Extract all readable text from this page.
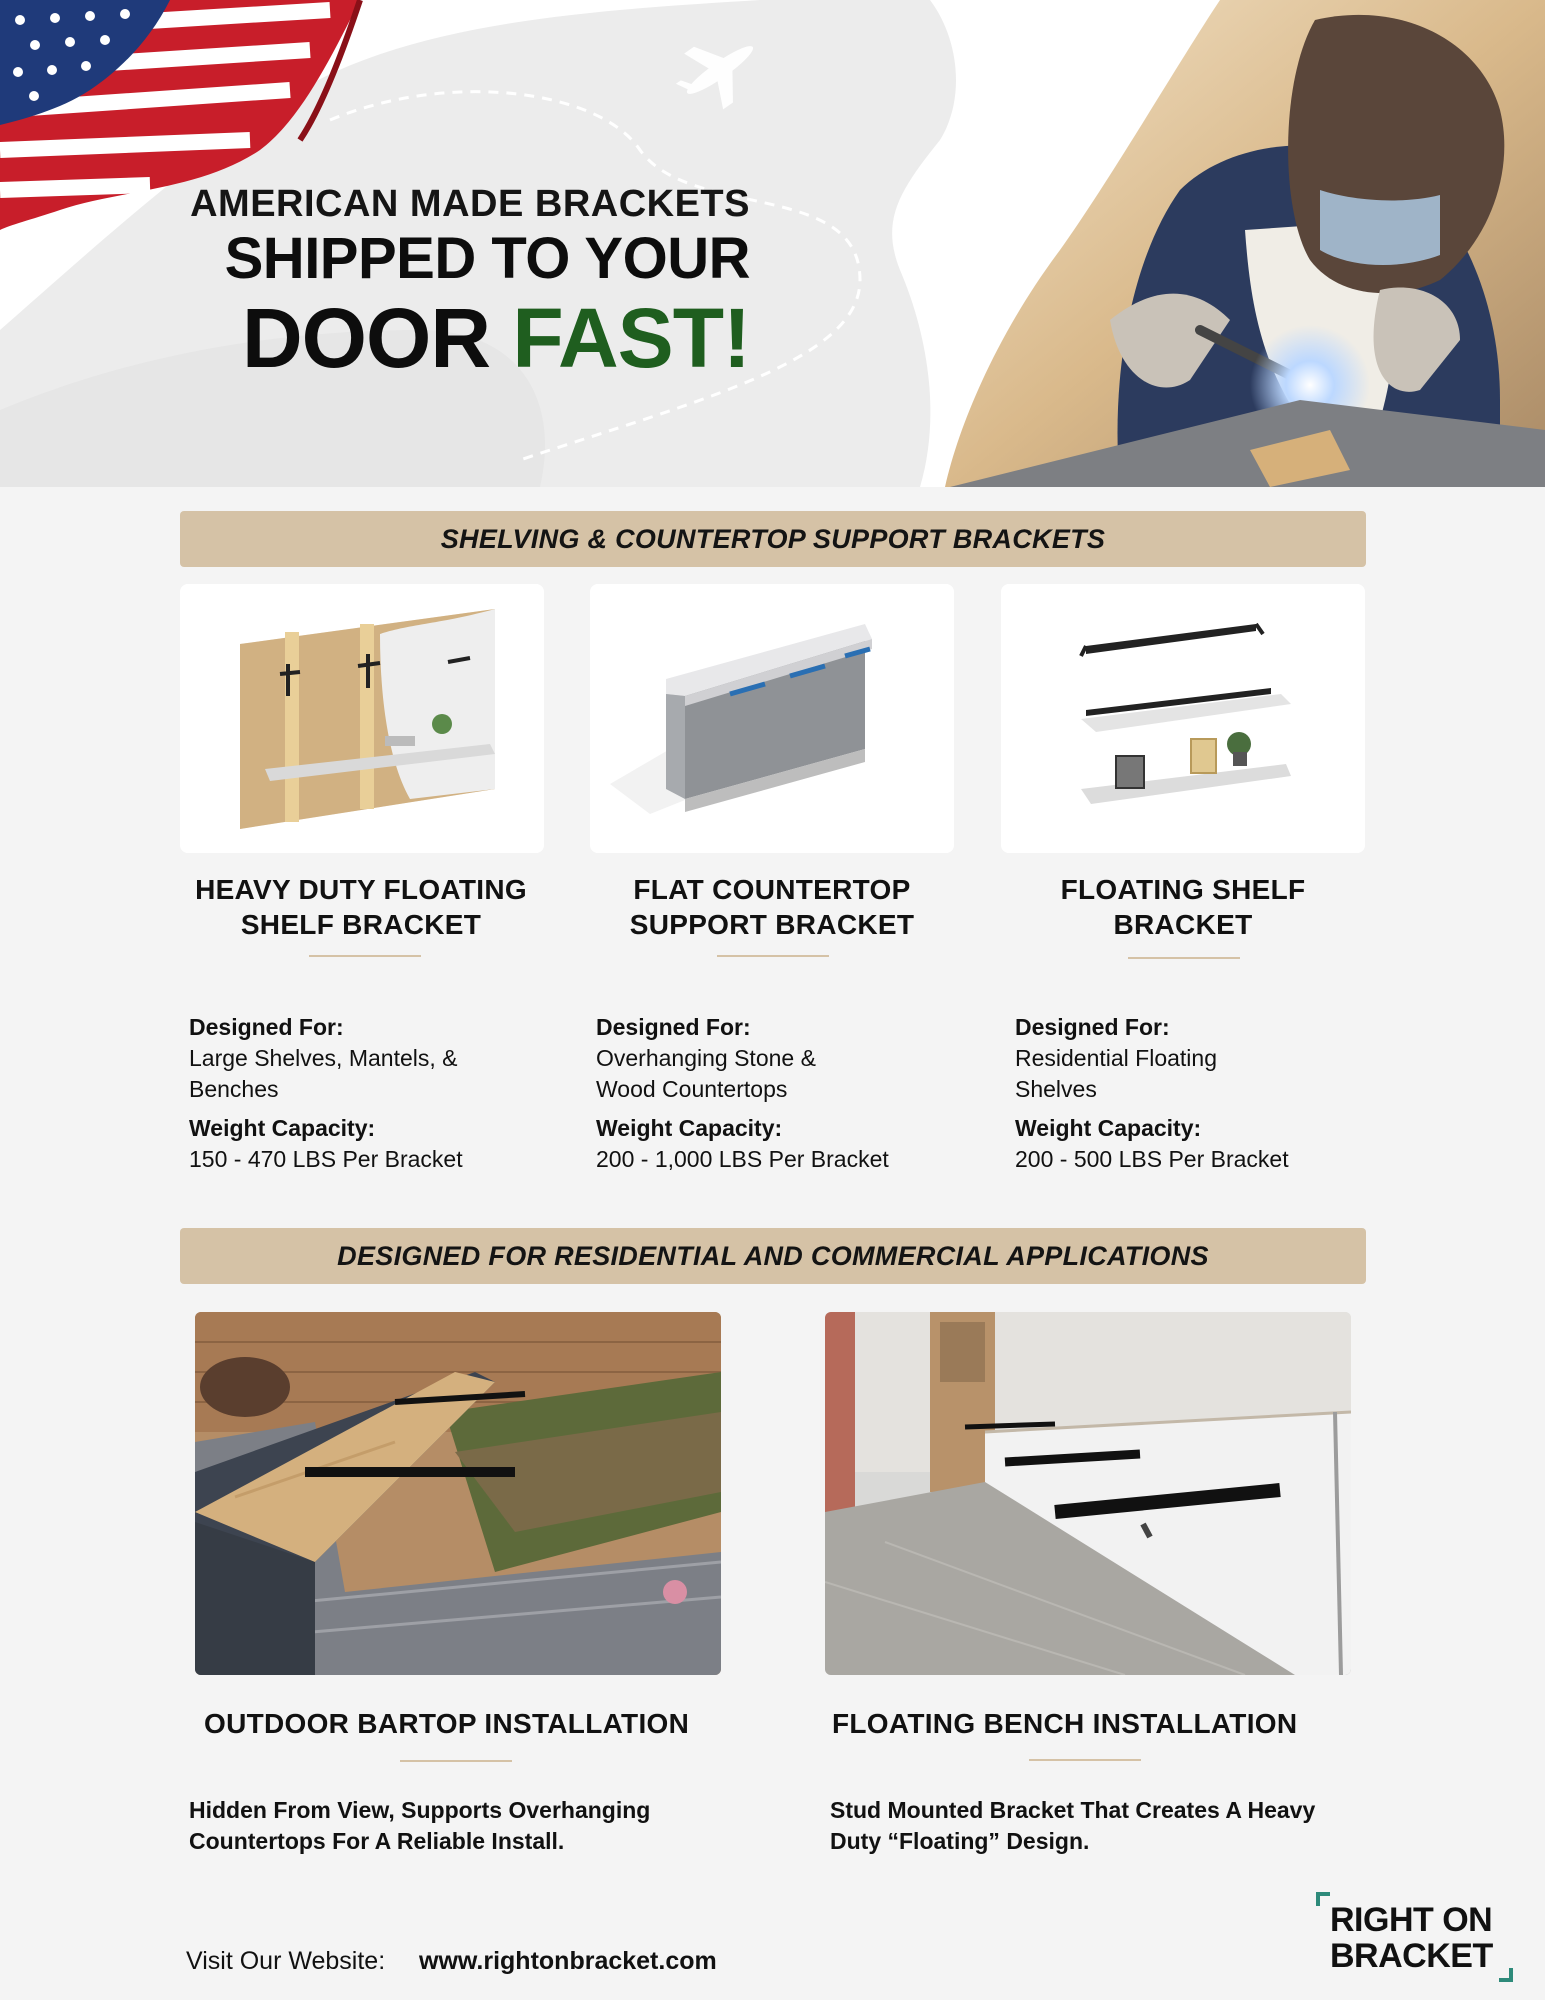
AMERICAN MADE BRACKETS
SHIPPED TO YOUR
DOOR FAST!
SHELVING & COUNTERTOP SUPPORT BRACKETS
HEAVY DUTY FLOATING
SHELF BRACKET
Designed For:
Large Shelves, Mantels, &
Benches
Weight Capacity:
150 - 470 LBS Per Bracket
FLAT COUNTERTOP
SUPPORT BRACKET
Designed For:
Overhanging Stone &
Wood Countertops
Weight Capacity:
200 - 1,000 LBS Per Bracket
FLOATING SHELF
BRACKET
Designed For:
Residential Floating
Shelves
Weight Capacity:
200 - 500 LBS Per Bracket
DESIGNED FOR RESIDENTIAL AND COMMERCIAL APPLICATIONS
OUTDOOR BARTOP INSTALLATION
Hidden From View, Supports Overhanging
Countertops For A Reliable Install.
FLOATING BENCH INSTALLATION
Stud Mounted Bracket That Creates A Heavy
Duty “Floating” Design.
Visit Our Website: www.rightonbracket.com
RIGHT ON
BRACKET
